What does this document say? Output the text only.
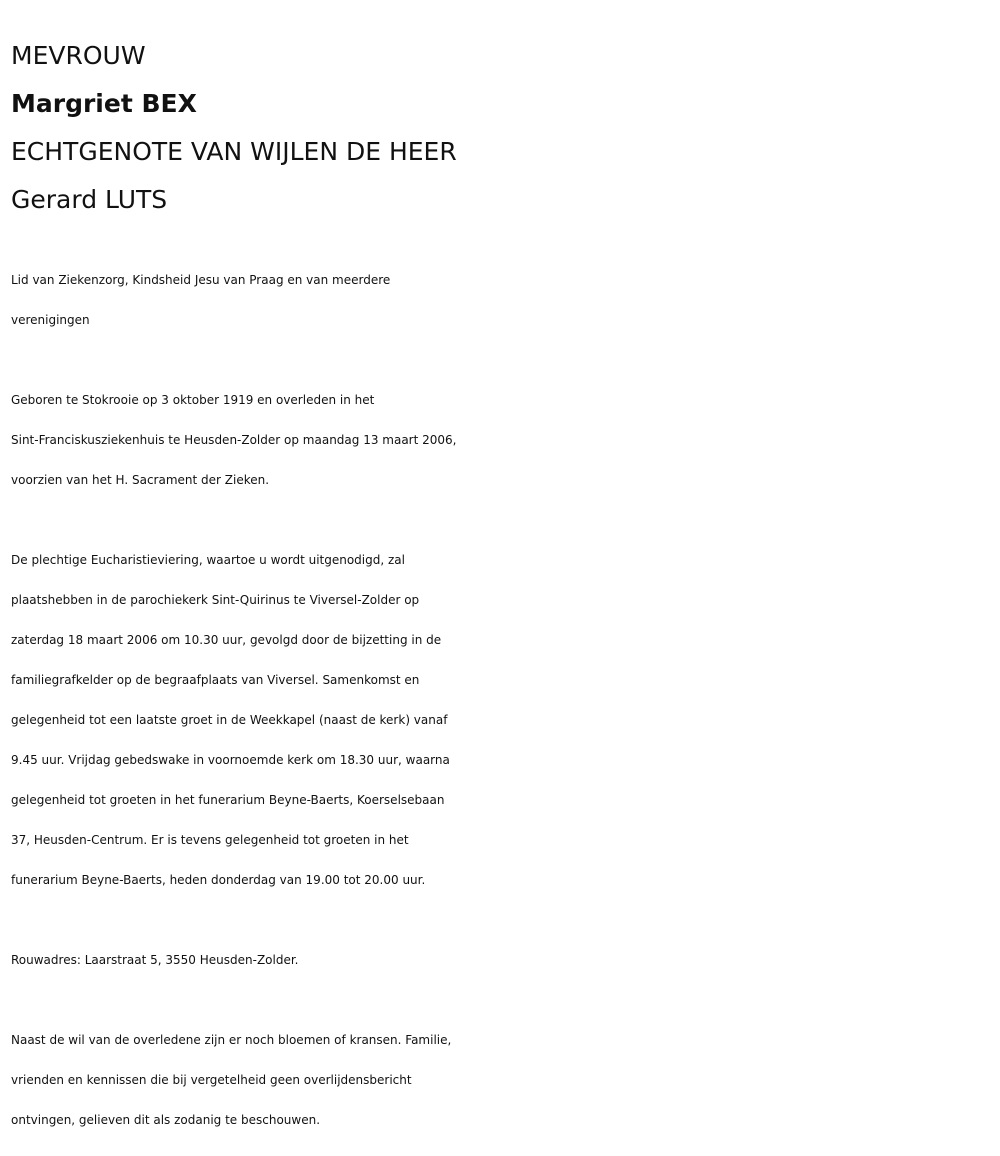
MEVROUW
Margriet BEX
ECHTGENOTE VAN WIJLEN DE HEER
Gerard LUTS
Lid van Ziekenzorg, Kindsheid Jesu van Praag en van meerdere
verenigingen
Geboren te Stokrooie op 3 oktober 1919 en overleden in het
Sint-Franciskusziekenhuis te Heusden-Zolder op maandag 13 maart 2006,
voorzien van het H. Sacrament der Zieken.
De plechtige Eucharistieviering, waartoe u wordt uitgenodigd, zal
plaatshebben in de parochiekerk Sint-Quirinus te Viversel-Zolder op
zaterdag 18 maart 2006 om 10.30 uur, gevolgd door de bijzetting in de
familiegrafkelder op de begraafplaats van Viversel. Samenkomst en
gelegenheid tot een laatste groet in de Weekkapel (naast de kerk) vanaf
9.45 uur. Vrijdag gebedswake in voornoemde kerk om 18.30 uur, waarna
gelegenheid tot groeten in het funerarium Beyne-Baerts, Koerselsebaan
37, Heusden-Centrum. Er is tevens gelegenheid tot groeten in het
funerarium Beyne-Baerts, heden donderdag van 19.00 tot 20.00 uur.
Rouwadres: Laarstraat 5, 3550 Heusden-Zolder.
Naast de wil van de overledene zijn er noch bloemen of kransen. Familie,
vrienden en kennissen die bij vergetelheid geen overlijdensbericht
ontvingen, gelieven dit als zodanig te beschouwen.
